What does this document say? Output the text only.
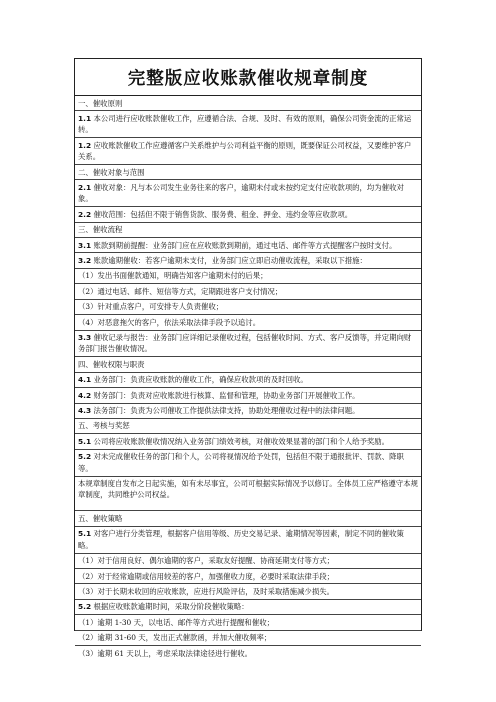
完整版应收账款催收规章制度
一、催收原则
1.1 本公司进行应收账款催收工作，应遵循合法、合规、及时、有效的原则，确保公司资金流的正常运转。
1.2 应收账款催收工作应遵循客户关系维护与公司利益平衡的原则，既要保证公司权益，又要维护客户关系。
二、催收对象与范围
2.1 催收对象：凡与本公司发生业务往来的客户，逾期未付或未按约定支付应收款项的，均为催收对象。
2.2 催收范围：包括但不限于销售货款、服务费、租金、押金、违约金等应收款项。
三、催收流程
3.1 账款到期前提醒：业务部门应在应收账款到期前，通过电话、邮件等方式提醒客户按时支付。
3.2 账款逾期催收：若客户逾期未支付，业务部门应立即启动催收流程，采取以下措施：
（1）发出书面催款通知，明确告知客户逾期未付的后果；
（2）通过电话、邮件、短信等方式，定期跟进客户支付情况；
（3）针对重点客户，可安排专人负责催收；
（4）对恶意拖欠的客户，依法采取法律手段予以追讨。
3.3 催收记录与报告：业务部门应详细记录催收过程，包括催收时间、方式、客户反馈等，并定期向财务部门报告催收情况。
四、催收权限与职责
4.1 业务部门：负责应收账款的催收工作，确保应收款项的及时回收。
4.2 财务部门：负责对应收账款进行核算、监督和管理，协助业务部门开展催收工作。
4.3 法务部门：负责为公司催收工作提供法律支持，协助处理催收过程中的法律问题。
五、考核与奖惩
5.1 公司将应收账款催收情况纳入业务部门绩效考核，对催收效果显著的部门和个人给予奖励。
5.2 对未完成催收任务的部门和个人，公司将视情况给予处罚，包括但不限于通报批评、罚款、降职等。
本规章制度自发布之日起实施，如有未尽事宜，公司可根据实际情况予以修订。全体员工应严格遵守本规章制度，共同维护公司权益。
五、催收策略
5.1 对客户进行分类管理，根据客户信用等级、历史交易记录、逾期情况等因素，制定不同的催收策略。
（1）对于信用良好、偶尔逾期的客户，采取友好提醒、协商延期支付等方式；
（2）对于经常逾期或信用较差的客户，加强催收力度，必要时采取法律手段；
（3）对于长期未收回的应收账款，应进行风险评估，及时采取措施减少损失。
5.2 根据应收账款逾期时间，采取分阶段催收策略：
（1）逾期 1-30 天，以电话、邮件等方式进行提醒和催收；
（2）逾期 31-60 天，发出正式催款函，并加大催收频率；
（3）逾期 61 天以上，考虑采取法律途径进行催收。
